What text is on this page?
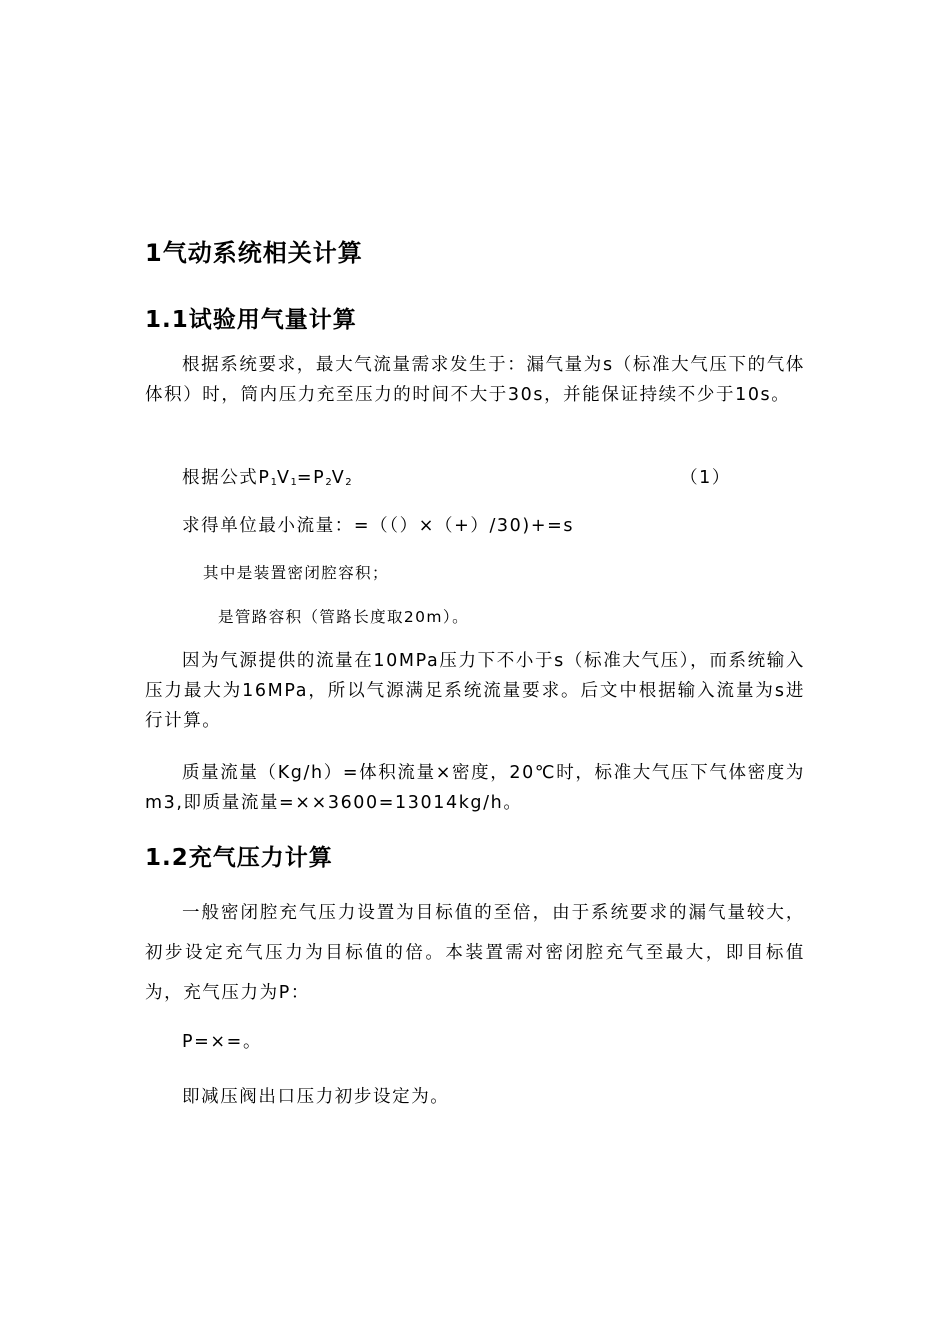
1气动系统相关计算
1.1试验用气量计算

根据系统要求，最大气流量需求发生于：漏气量为s（标准大气压下的气体体积）时，筒内压力充至压力的时间不大于30s，并能保证持续不少于10s。

根据公式$P_1V_1=P_2V_2$	（1）

求得单位最小流量：=（（）×（+）/30)+=s

其中是装置密闭腔容积；

是管路容积（管路长度取20m）。

因为气源提供的流量在10MPa压力下不小于s（标准大气压），而系统输入压力最大为16MPa，所以气源满足系统流量要求。后文中根据输入流量为s进行计算。

质量流量（Kg/h）=体积流量×密度，20℃时，标准大气压下气体密度为m3,即质量流量=××3600=13014kg/h。

1.2充气压力计算

一般密闭腔充气压力设置为目标值的至倍，由于系统要求的漏气量较大，初步设定充气压力为目标值的倍。本装置需对密闭腔充气至最大，即目标值为，充气压力为P：

P=×=。

即减压阀出口压力初步设定为。
